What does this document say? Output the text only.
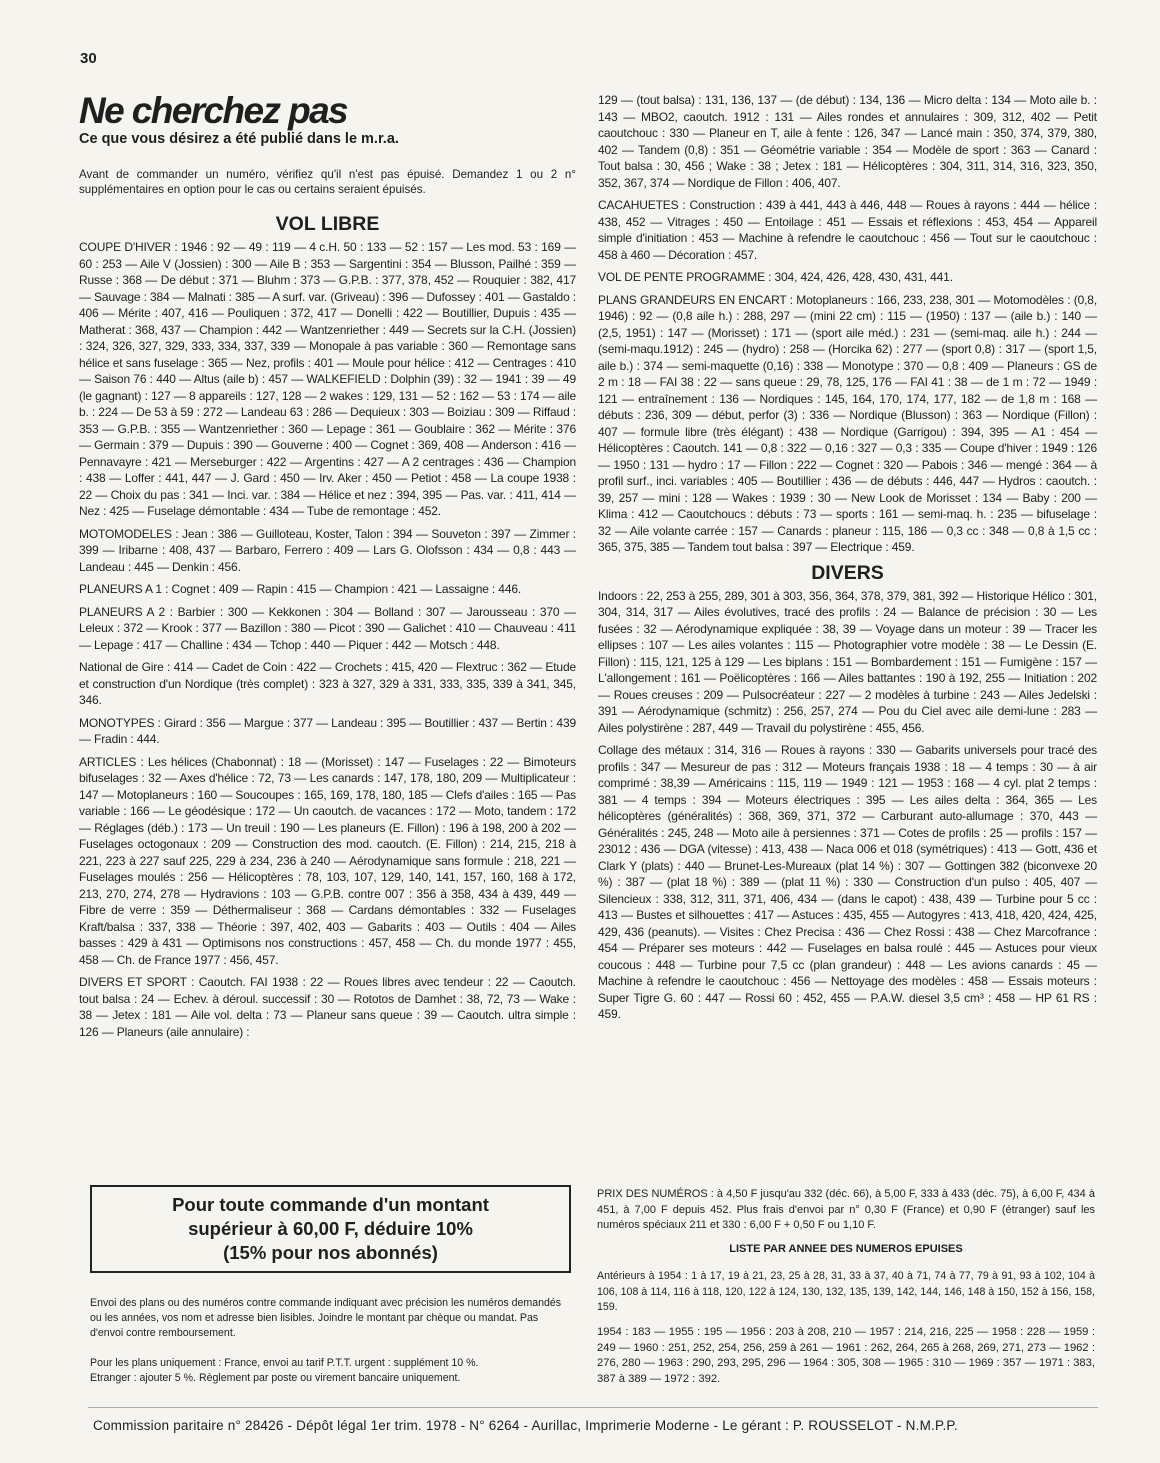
30
Ne cherchez pas
Ce que vous désirez a été publié dans le m.r.a.

Avant de commander un numéro, vérifiez qu'il n'est pas épuisé. Demandez 1 ou 2 n° supplémentaires en option pour le cas ou certains seraient épuisés.

VOL LIBRE

COUPE D'HIVER : 1946 : 92 — 49 : 119 — 4 c.H. 50 : 133 — 52 : 157 — Les mod. 53 : 169 — 60 : 253 — Aile V (Jossien) : 300 — Aile B : 353 — Sargentini : 354 — Blusson, Pailhé : 359 — Russe : 368 — De début : 371 — Bluhm : 373 — G.P.B. : 377, 378, 452 — Rouquier : 382, 417 — Sauvage : 384 — Malnati : 385 — A surf. var. (Griveau) : 396 — Dufossey : 401 — Gastaldo : 406 — Mérite : 407, 416 — Pouliquen : 372, 417 — Donelli : 422 — Boutillier, Dupuis : 435 — Matherat : 368, 437 — Champion : 442 — Wantzenriether : 449 — Secrets sur la C.H. (Jossien) : 324, 326, 327, 329, 333, 334, 337, 339 — Monopale à pas variable : 360 — Remontage sans hélice et sans fuselage : 365 — Nez, profils : 401 — Moule pour hélice : 412 — Centrages : 410 — Saison 76 : 440 — Altus (aile b) : 457 — WALKEFIELD : Dolphin (39) : 32 — 1941 : 39 — 49 (le gagnant) : 127 — 8 appareils : 127, 128 — 2 wakes : 129, 131 — 52 : 162 — 53 : 174 — aile b. : 224 — De 53 à 59 : 272 — Landeau 63 : 286 — Dequieux : 303 — Boiziau : 309 — Riffaud : 353 — G.P.B. : 355 — Wantzenriether : 360 — Lepage : 361 — Goublaire : 362 — Mérite : 376 — Germain : 379 — Dupuis : 390 — Gouverne : 400 — Cognet : 369, 408 — Anderson : 416 — Pennavayre : 421 — Merseburger : 422 — Argentins : 427 — A 2 centrages : 436 — Champion : 438 — Loffer : 441, 447 — J. Gard : 450 — Irv. Aker : 450 — Petiot : 458 — La coupe 1938 : 22 — Choix du pas : 341 — Inci. var. : 384 — Hélice et nez : 394, 395 — Pas. var. : 411, 414 — Nez : 425 — Fuselage démontable : 434 — Tube de remontage : 452.

MOTOMODELES : Jean : 386 — Guilloteau, Koster, Talon : 394 — Souveton : 397 — Zimmer : 399 — Iribarne : 408, 437 — Barbaro, Ferrero : 409 — Lars G. Olofsson : 434 — 0,8 : 443 — Landeau : 445 — Denkin : 456.

PLANEURS A 1 : Cognet : 409 — Rapin : 415 — Champion : 421 — Lassaigne : 446.

PLANEURS A 2 : Barbier : 300 — Kekkonen : 304 — Bolland : 307 — Jarousseau : 370 — Leleux : 372 — Krook : 377 — Bazillon : 380 — Picot : 390 — Galichet : 410 — Chauveau : 411 — Lepage : 417 — Challine : 434 — Tchop : 440 — Piquer : 442 — Motsch : 448.

National de Gire : 414 — Cadet de Coin : 422 — Crochets : 415, 420 — Flextruc : 362 — Etude et construction d'un Nordique (très complet) : 323 à 327, 329 à 331, 333, 335, 339 à 341, 345, 346.

MONOTYPES : Girard : 356 — Margue : 377 — Landeau : 395 — Boutillier : 437 — Bertin : 439 — Fradin : 444.

ARTICLES : Les hélices (Chabonnat) : 18 — (Morisset) : 147 — Fuselages : 22 — Bimoteurs bifuselages : 32 — Axes d'hélice : 72, 73 — Les canards : 147, 178, 180, 209 — Multiplicateur : 147 — Motoplaneurs : 160 — Soucoupes : 165, 169, 178, 180, 185 — Clefs d'ailes : 165 — Pas variable : 166 — Le géodésique : 172 — Un caoutch. de vacances : 172 — Moto, tandem : 172 — Réglages (déb.) : 173 — Un treuil : 190 — Les planeurs (E. Fillon) : 196 à 198, 200 à 202 — Fuselages octogonaux : 209 — Construction des mod. caoutch. (E. Fillon) : 214, 215, 218 à 221, 223 à 227 sauf 225, 229 à 234, 236 à 240 — Aérodynamique sans formule : 218, 221 — Fuselages moulés : 256 — Hélicoptères : 78, 103, 107, 129, 140, 141, 157, 160, 168 à 172, 213, 270, 274, 278 — Hydravions : 103 — G.P.B. contre 007 : 356 à 358, 434 à 439, 449 — Fibre de verre : 359 — Déthermaliseur : 368 — Cardans démontables : 332 — Fuselages Kraft/balsa : 337, 338 — Théorie : 397, 402, 403 — Gabarits : 403 — Outils : 404 — Ailes basses : 429 à 431 — Optimisons nos constructions : 457, 458 — Ch. du monde 1977 : 455, 458 — Ch. de France 1977 : 456, 457.

DIVERS ET SPORT : Caoutch. FAI 1938 : 22 — Roues libres avec tendeur : 22 — Caoutch. tout balsa : 24 — Echev. à déroul. successif : 30 — Rototos de Damhet : 38, 72, 73 — Wake : 38 — Jetex : 181 — Aile vol. delta : 73 — Planeur sans queue : 39 — Caoutch. ultra simple : 126 — Planeurs (aile annulaire) :

129 — (tout balsa) : 131, 136, 137 — (de début) : 134, 136 — Micro delta : 134 — Moto aile b. : 143 — MBO2, caoutch. 1912 : 131 — Ailes rondes et annulaires : 309, 312, 402 — Petit caoutchouc : 330 — Planeur en T, aile à fente : 126, 347 — Lancé main : 350, 374, 379, 380, 402 — Tandem (0,8) : 351 — Géométrie variable : 354 — Modèle de sport : 363 — Canard : Tout balsa : 30, 456 ; Wake : 38 ; Jetex : 181 — Hélicoptères : 304, 311, 314, 316, 323, 350, 352, 367, 374 — Nordique de Fillon : 406, 407.

CACAHUETES : Construction : 439 à 441, 443 à 446, 448 — Roues à rayons : 444 — hélice : 438, 452 — Vitrages : 450 — Entoilage : 451 — Essais et réflexions : 453, 454 — Appareil simple d'initiation : 453 — Machine à refendre le caoutchouc : 456 — Tout sur le caoutchouc : 458 à 460 — Décoration : 457.

VOL DE PENTE PROGRAMME : 304, 424, 426, 428, 430, 431, 441.

PLANS GRANDEURS EN ENCART : Motoplaneurs : 166, 233, 238, 301 — Motomodèles : (0,8, 1946) : 92 — (0,8 aile h.) : 288, 297 — (mini 22 cm) : 115 — (1950) : 137 — (aile b.) : 140 — (2,5, 1951) : 147 — (Morisset) : 171 — (sport aile méd.) : 231 — (semi-maq. aile h.) : 244 — (semi-maqu.1912) : 245 — (hydro) : 258 — (Horcika 62) : 277 — (sport 0,8) : 317 — (sport 1,5, aile b.) : 374 — semi-maquette (0,16) : 338 — Monotype : 370 — 0,8 : 409 — Planeurs : GS de 2 m : 18 — FAI 38 : 22 — sans queue : 29, 78, 125, 176 — FAI 41 : 38 — de 1 m : 72 — 1949 : 121 — entraînement : 136 — Nordiques : 145, 164, 170, 174, 177, 182 — de 1,8 m : 168 — débuts : 236, 309 — début, perfor (3) : 336 — Nordique (Blusson) : 363 — Nordique (Fillon) : 407 — formule libre (très élégant) : 438 — Nordique (Garrigou) : 394, 395 — A1 : 454 — Hélicoptères : Caoutch. 141 — 0,8 : 322 — 0,16 : 327 — 0,3 : 335 — Coupe d'hiver : 1949 : 126 — 1950 : 131 — hydro : 17 — Fillon : 222 — Cognet : 320 — Pabois : 346 — mengé : 364 — à profil surf., inci. variables : 405 — Boutillier : 436 — de débuts : 446, 447 — Hydros : caoutch. : 39, 257 — mini : 128 — Wakes : 1939 : 30 — New Look de Morisset : 134 — Baby : 200 — Klima : 412 — Caoutchoucs : débuts : 73 — sports : 161 — semi-maq. h. : 235 — bifuselage : 32 — Aile volante carrée : 157 — Canards : planeur : 115, 186 — 0,3 cc : 348 — 0,8 à 1,5 cc : 365, 375, 385 — Tandem tout balsa : 397 — Electrique : 459.

DIVERS

Indoors : 22, 253 à 255, 289, 301 à 303, 356, 364, 378, 379, 381, 392 — Historique Hélico : 301, 304, 314, 317 — Ailes évolutives, tracé des profils : 24 — Balance de précision : 30 — Les fusées : 32 — Aérodynamique expliquée : 38, 39 — Voyage dans un moteur : 39 — Tracer les ellipses : 107 — Les ailes volantes : 115 — Photographier votre modèle : 38 — Le Dessin (E. Fillon) : 115, 121, 125 à 129 — Les biplans : 151 — Bombardement : 151 — Fumigène : 157 — L'allongement : 161 — Poëlicoptères : 166 — Ailes battantes : 190 à 192, 255 — Initiation : 202 — Roues creuses : 209 — Pulsocréateur : 227 — 2 modèles à turbine : 243 — Ailes Jedelski : 391 — Aérodynamique (schmitz) : 256, 257, 274 — Pou du Ciel avec aile demi-lune : 283 — Ailes polystirène : 287, 449 — Travail du polystirène : 455, 456.

Collage des métaux : 314, 316 — Roues à rayons : 330 — Gabarits universels pour tracé des profils : 347 — Mesureur de pas : 312 — Moteurs français 1938 : 18 — 4 temps : 30 — à air comprimé : 38,39 — Américains : 115, 119 — 1949 : 121 — 1953 : 168 — 4 cyl. plat 2 temps : 381 — 4 temps : 394 — Moteurs électriques : 395 — Les ailes delta : 364, 365 — Les hélicoptères (généralités) : 368, 369, 371, 372 — Carburant auto-allumage : 370, 443 — Généralités : 245, 248 — Moto aile à persiennes : 371 — Cotes de profils : 25 — profils : 157 — 23012 : 436 — DGA (vitesse) : 413, 438 — Naca 006 et 018 (symétriques) : 413 — Gott, 436 et Clark Y (plats) : 440 — Brunet-Les-Mureaux (plat 14 %) : 307 — Gottingen 382 (biconvexe 20 %) : 387 — (plat 18 %) : 389 — (plat 11 %) : 330 — Construction d'un pulso : 405, 407 — Silencieux : 338, 312, 311, 371, 406, 434 — (dans le capot) : 438, 439 — Turbine pour 5 cc : 413 — Bustes et silhouettes : 417 — Astuces : 435, 455 — Autogyres : 413, 418, 420, 424, 425, 429, 436 (peanuts). — Visites : Chez Precisa : 436 — Chez Rossi : 438 — Chez Marcofrance : 454 — Préparer ses moteurs : 442 — Fuselages en balsa roulé : 445 — Astuces pour vieux coucous : 448 — Turbine pour 7,5 cc (plan grandeur) : 448 — Les avions canards : 45 — Machine à refendre le caoutchouc : 456 — Nettoyage des modèles : 458 — Essais moteurs : Super Tigre G. 60 : 447 — Rossi 60 : 452, 455 — P.A.W. diesel 3,5 cm³ : 458 — HP 61 RS : 459.

Pour toute commande d'un montant
supérieur à 60,00 F, déduire 10%
(15% pour nos abonnés)

Envoi des plans ou des numéros contre commande indiquant avec précision les numéros demandés ou les années, vos nom et adresse bien lisibles. Joindre le montant par chèque ou mandat. Pas d'envoi contre remboursement.

Pour les plans uniquement : France, envoi au tarif P.T.T. urgent : supplément 10 %.

Etranger : ajouter 5 %. Règlement par poste ou virement bancaire uniquement.

PRIX DES NUMÉROS : à 4,50 F jusqu'au 332 (déc. 66), à 5,00 F, 333 à 433 (déc. 75), à 6,00 F, 434 à 451, à 7,00 F depuis 452. Plus frais d'envoi par n° 0,30 F (France) et 0,90 F (étranger) sauf les numéros spéciaux 211 et 330 : 6,00 F + 0,50 F ou 1,10 F.
LISTE PAR ANNEE DES NUMEROS EPUISES
Antérieurs à 1954 : 1 à 17, 19 à 21, 23, 25 à 28, 31, 33 à 37, 40 à 71, 74 à 77, 79 à 91, 93 à 102, 104 à 106, 108 à 114, 116 à 118, 120, 122 à 124, 130, 132, 135, 139, 142, 144, 146, 148 à 150, 152 à 156, 158, 159.
1954 : 183 — 1955 : 195 — 1956 : 203 à 208, 210 — 1957 : 214, 216, 225 — 1958 : 228 — 1959 : 249 — 1960 : 251, 252, 254, 256, 259 à 261 — 1961 : 262, 264, 265 à 268, 269, 271, 273 — 1962 : 276, 280 — 1963 : 290, 293, 295, 296 — 1964 : 305, 308 — 1965 : 310 — 1969 : 357 — 1971 : 383, 387 à 389 — 1972 : 392.
Commission paritaire n° 28426 - Dépôt légal 1er trim. 1978 - N° 6264 - Aurillac, Imprimerie Moderne - Le gérant : P. ROUSSELOT - N.M.P.P.
